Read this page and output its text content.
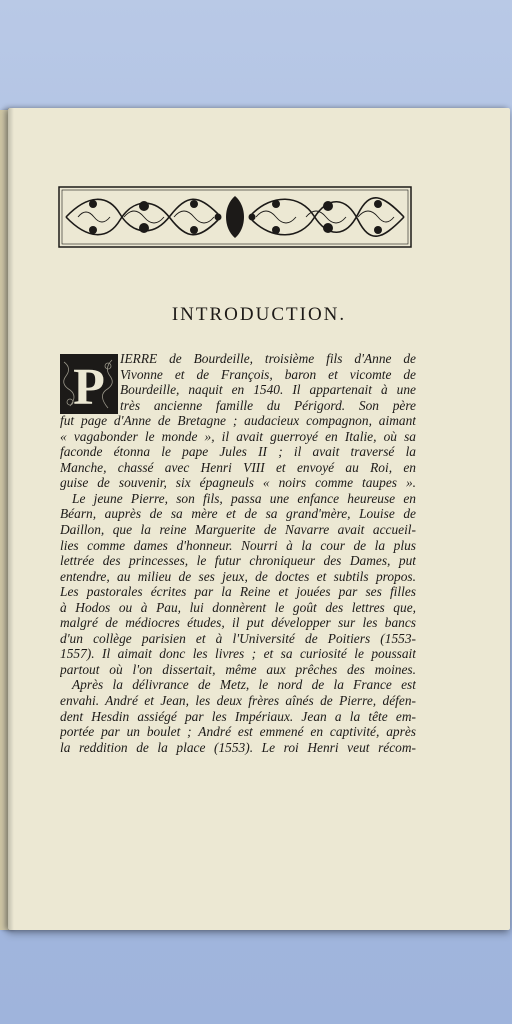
INTRODUCTION.
P
IERRE de Bourdeille, troisième fils d'Anne de
Vivonne et de François, baron et vicomte de
Bourdeille, naquit en 1540. Il appartenait à une
très ancienne famille du Périgord. Son père
fut page d'Anne de Bretagne ; audacieux compagnon, aimant
« vagabonder le monde », il avait guerroyé en Italie, où sa
faconde étonna le pape Jules II ; il avait traversé la
Manche, chassé avec Henri VIII et envoyé au Roi, en
guise de souvenir, six épagneuls « noirs comme taupes ».
Le jeune Pierre, son fils, passa une enfance heureuse en
Béarn, auprès de sa mère et de sa grand'mère, Louise de
Daillon, que la reine Marguerite de Navarre avait accueil-
lies comme dames d'honneur. Nourri à la cour de la plus
lettrée des princesses, le futur chroniqueur des Dames, put
entendre, au milieu de ses jeux, de doctes et subtils propos.
Les pastorales écrites par la Reine et jouées par ses filles
à Hodos ou à Pau, lui donnèrent le goût des lettres que,
malgré de médiocres études, il put développer sur les bancs
d'un collège parisien et à l'Université de Poitiers (1553-
1557). Il aimait donc les livres ; et sa curiosité le poussait
partout où l'on dissertait, même aux prêches des moines.
Après la délivrance de Metz, le nord de la France est
envahi. André et Jean, les deux frères aînés de Pierre, défen-
dent Hesdin assiégé par les Impériaux. Jean a la tête em-
portée par un boulet ; André est emmené en captivité, après
la reddition de la place (1553). Le roi Henri veut récom-
